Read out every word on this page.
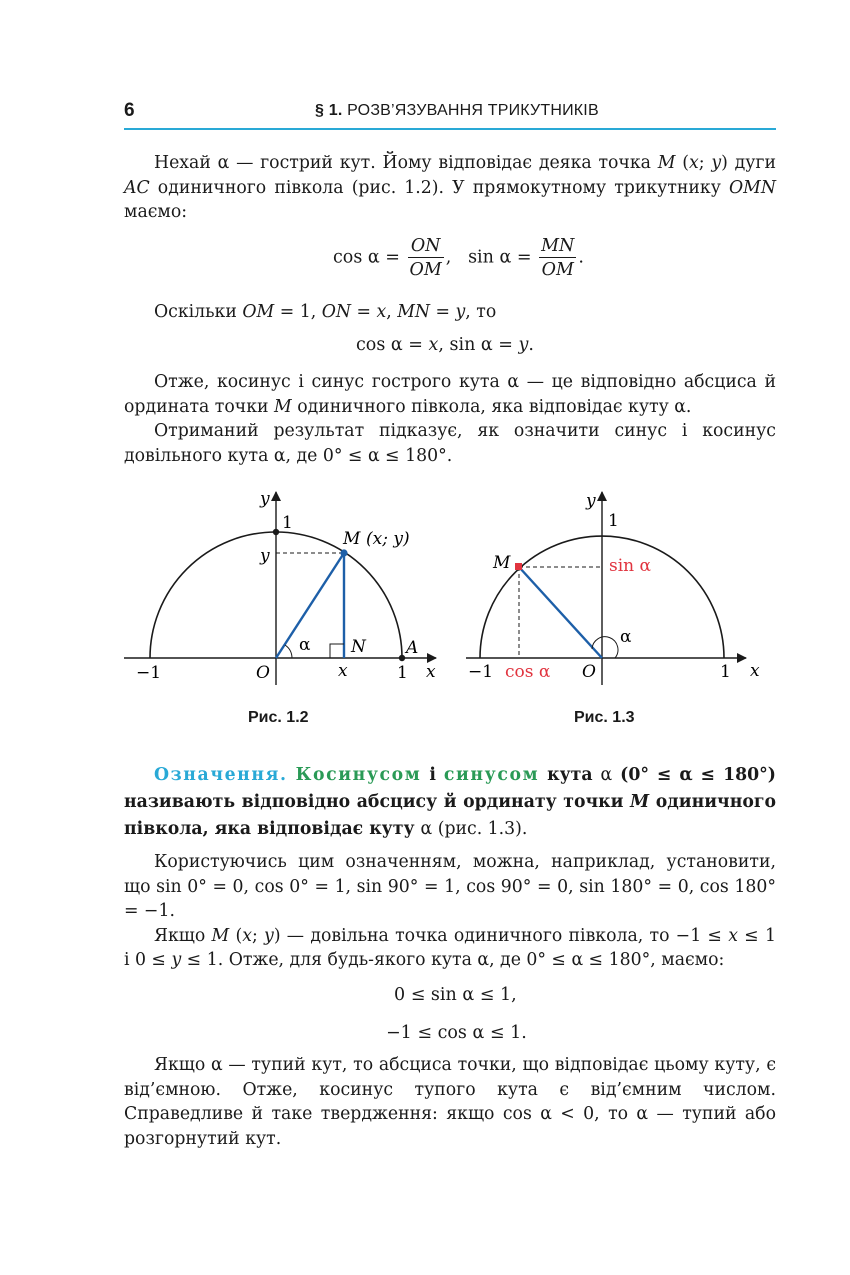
6	§ 1. РОЗВ’ЯЗУВАННЯ ТРИКУТНИКІВ

Нехай α — гострий кут. Йому відповідає деяка точка M (x; y) дуги AC одиничного півкола (рис. 1.2). У прямокутному трикутнику OMN маємо:

$\cos \alpha = \frac{ON}{OM}$ , $\sin \alpha = \frac{MN}{OM}$ .

Оскільки OM = 1, ON = x, MN = y, то

cos α = x, sin α = y.

Отже, косинус і синус гострого кута α — це відповідно абсциса й ордината точки M одиничного півкола, яка відповідає куту α.

Отриманий результат підказує, як означити синус і косинус довільного кута α, де 0° ≤ α ≤ 180°.

y
1
y
M (x; y)
α N A
−1	O	x	1 x
Рис. 1.2
y
1
M	sin α
α
−1 cos α O	1 x
Рис. 1.3

Означення. Косинусом і синусом кута α (0° ≤ α ≤ 180°) називають відповідно абсцису й ординату точки M одиничного півкола, яка відповідає куту α (рис. 1.3).

Користуючись цим означенням, можна, наприклад, установити, що sin 0° = 0, cos 0° = 1, sin 90° = 1, cos 90° = 0, sin 180° = 0, cos 180° = −1.

Якщо M (x; y) — довільна точка одиничного півкола, то −1 ≤ x ≤ 1 і 0 ≤ y ≤ 1. Отже, для будь-якого кута α, де 0° ≤ α ≤ 180°, маємо:

0 ≤ sin α ≤ 1,
−1 ≤ cos α ≤ 1.

Якщо α — тупий кут, то абсциса точки, що відповідає цьому куту, є від’ємною. Отже, косинус тупого кута є від’ємним числом. Справедливе й таке твердження: якщо cos α < 0, то α — тупий або розгорнутий кут.
